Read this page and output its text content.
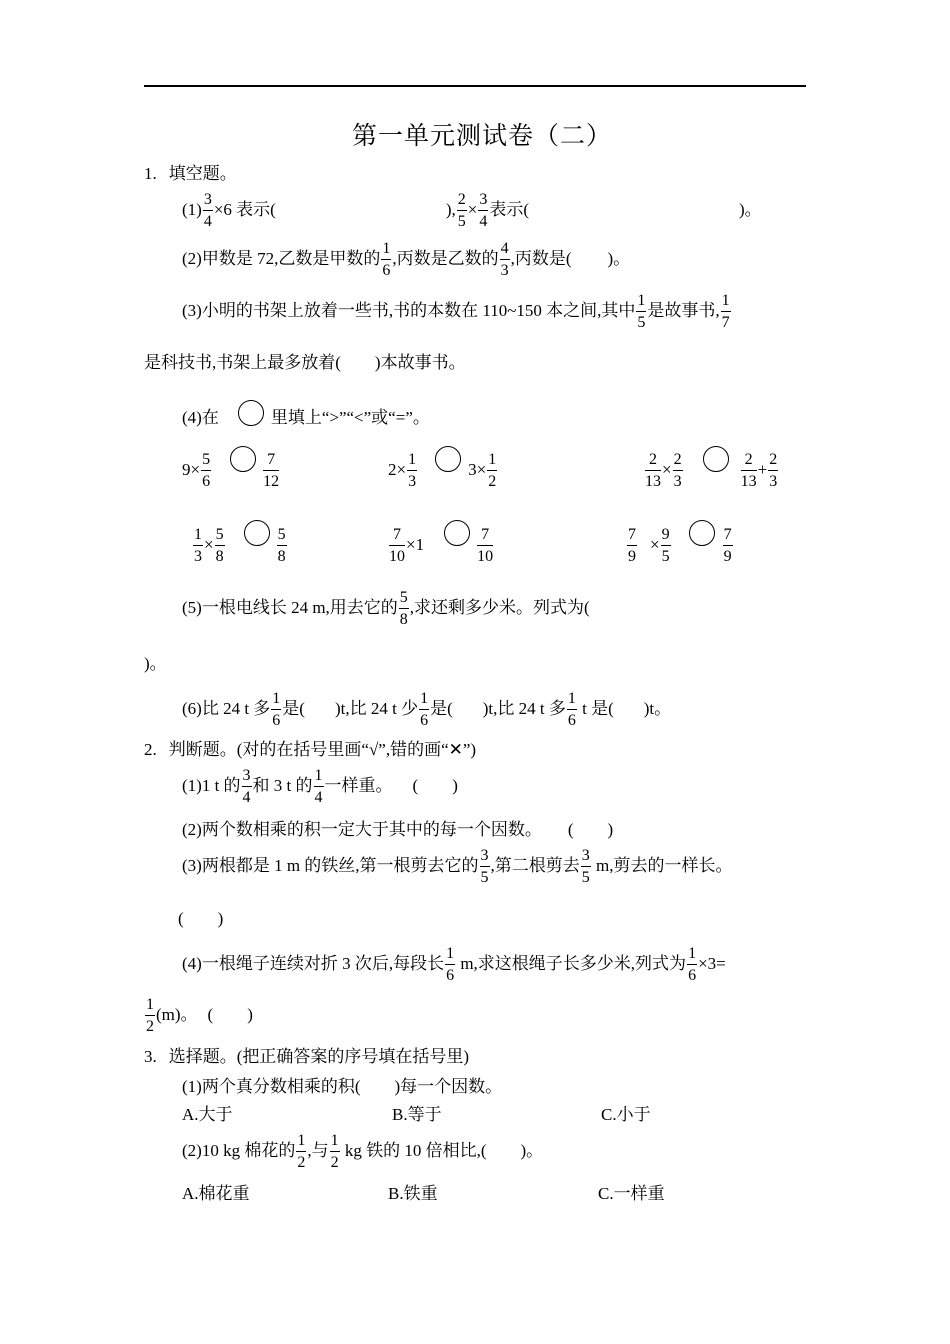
第一单元测试卷（二）
1. 填空题。
$(1) \frac{3}{4} \times 6$ 表示(	), $\frac{2}{5} \times \frac{3}{4}$ 表示(	)。
(2)甲数是 72,乙数是甲数的 $\frac{1}{6}$ ,丙数是乙数的 $\frac{4}{3}$ ,丙数是( )。
(3)小明的书架上放着一些书,书的本数在 110~150 本之间,其中 $\frac{1}{5}$ 是故事书, $\frac{1}{7}$
是科技书,书架上最多放着(　　)本故事书。
(4)在	里填上“>”“<”或“=”。
$9\times \frac{5}{6}$	$\frac{7}{12}$	$2\times \frac{1}{3}$	$3\times \frac{1}{2}$	$\frac{2}{13} \times \frac{2}{3}$	$\frac{2}{13} + \frac{2}{3}$
$\frac{1}{3} \times \frac{5}{8}$	$\frac{5}{8}$	$\frac{7}{10} \times 1$	$\frac{7}{10}$	$\frac{7}{9} \times \frac{9}{5}$	$\frac{7}{9}$
(5)一根电线长 24 m,用去它的 $\frac{5}{8}$ ,求还剩多少米。列式为(
)。
(6)比 24 t 多 $\frac{1}{6}$ 是( )t,比 24 t 少 $\frac{1}{6}$ 是( )t,比 24 t 多 $\frac{1}{6}$ t 是( )t。
2. 判断题。(对的在括号里画“√”,错的画“✕”)
(1)1 t 的 $\frac{3}{4}$ 和 3 t 的 $\frac{1}{4}$ 一样重。 (　　)
(2)两个数相乘的积一定大于其中的每一个因数。 (　　)
(3)两根都是 1 m 的铁丝,第一根剪去它的 $\frac{3}{5}$ ,第二根剪去 $\frac{3}{5} m$,剪去的一样长。
(　　)
(4)一根绳子连续对折 3 次后,每段长 $\frac{1}{6} m$,求这根绳子长多少米,列式为 $\frac{1}{6} \times 3=$
$\frac{1}{2} (m)$。 (　　)
3. 选择题。(把正确答案的序号填在括号里)
(1)两个真分数相乘的积(　　)每一个因数。
A.大于	B.等于	C.小于
(2)10 kg 棉花的 $\frac{1}{2}$ ,与 $\frac{1}{2}$ kg 铁的 10 倍相比,(　　)。
A.棉花重	B.铁重	C.一样重
